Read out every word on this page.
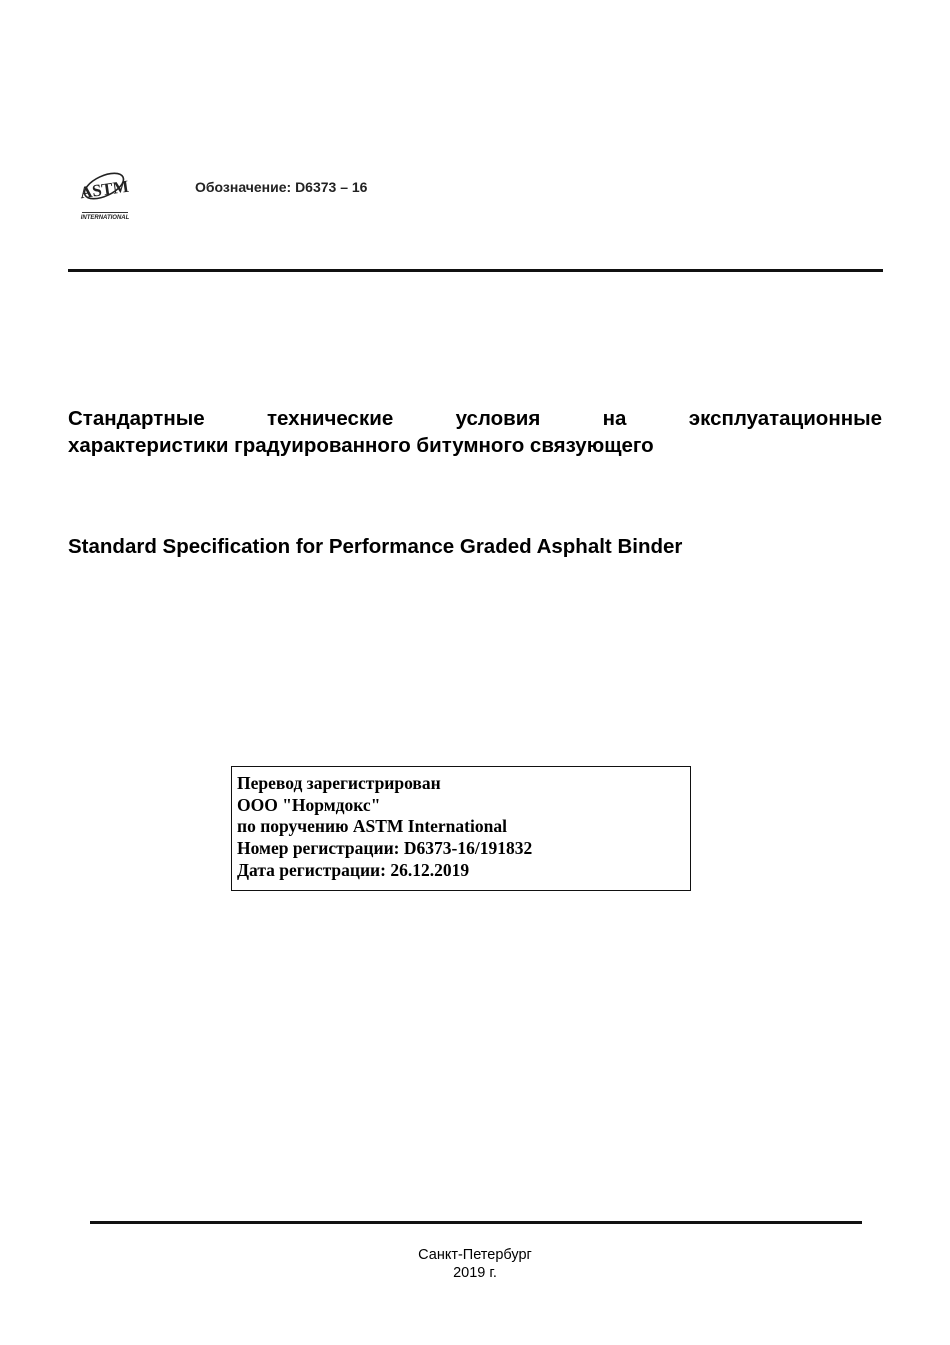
ASTM
INTERNATIONAL
Обозначение: D6373 – 16
Стандартные технические условия на эксплуатационные
характеристики градуированного битумного связующего
Standard Specification for Performance Graded Asphalt Binder
Перевод зарегистрирован
ООО "Нормдокс"
по поручению ASTM International
Номер регистрации: D6373-16/191832
Дата регистрации: 26.12.2019
Санкт-Петербург
2019 г.
